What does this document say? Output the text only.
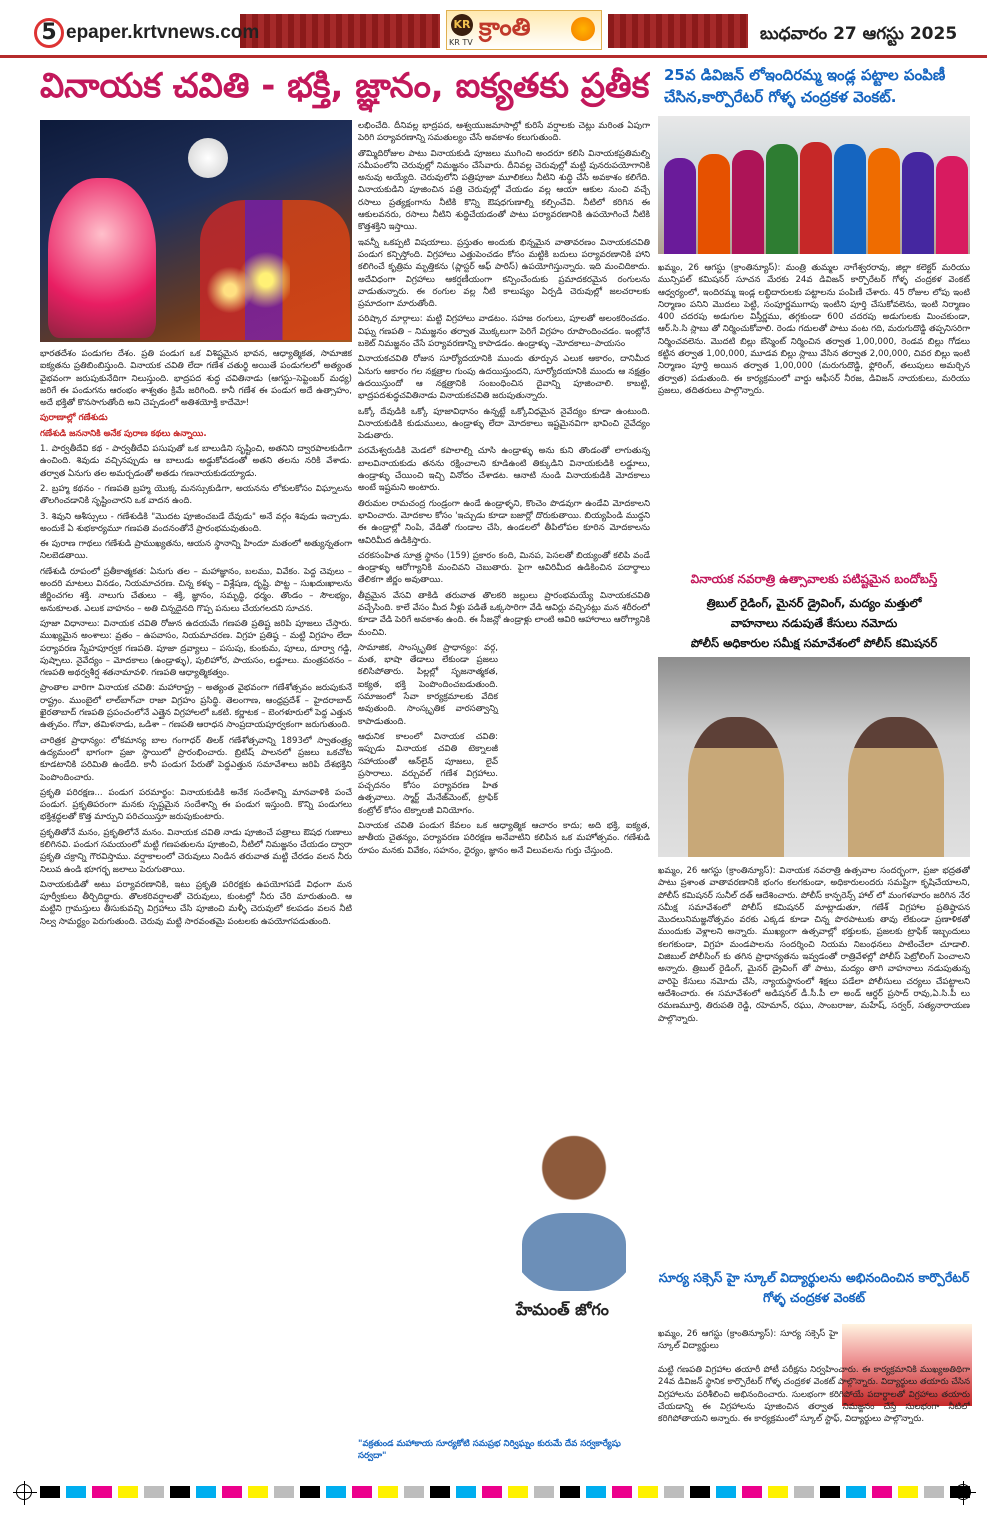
5 epaper.krtvnews.com	KR
KR TV
క్రాంతి	బుధవారం 27 ఆగస్టు 2025
వినాయక చవితి - భక్తి, జ్ఞానం, ఐక్యతకు ప్రతీక 25వ డివిజన్ లోఇందిరమ్మ ఇండ్ల పట్టాల పంపిణీ చేసిన,కార్పొరేటర్ గోళ్ళ చంద్రకళ వెంకట్.

భారతదేశం పండుగల దేశం. ప్రతి పండుగ ఒక విశిష్టమైన భావన, ఆధ్యాత్మికత, సామాజిక ఐక్యతను ప్రతిబింబిస్తుంది. వినాయక చవితి లేదా గణేశ చతుర్థి అయితే పండుగలలో అత్యంత వైభవంగా జరుపుకునేదిగా నిలుస్తుంది. భాద్రపద శుద్ధ చవితినాడు (ఆగస్టు–సెప్టెంబర్ మధ్య) జరిగే ఈ పండుగను ఆరంభం శాశ్వతం క్రిమే జరిగింది. కానీ గణేశ ఈ పండుగ అదే ఉత్సాహం, అదే భక్తితో కొనసాగుతోంది అని చెప్పడంలో అతిశయోక్తి కాదేమో!

పురాణాల్లో గణేశుడు

గణేశుడి జననానికి అనేక పురాణ కథలు ఉన్నాయి.

1. పార్వతీదేవి కథ - పార్వతీదేవి పసుపుతో ఒక బాలుడిని సృష్టించి, అతనిని ద్వారపాలకుడిగా ఉంచింది. శివుడు వచ్చినప్పుడు ఆ బాలుడు అడ్డుకోవడంతో అతని తలను నరికి వేశాడు. తర్వాత ఏనుగు తల అమర్చడంతో అతడు గణనాయకుడయ్యాడు.

2. బ్రహ్మ కథనం - గణపతి బ్రహ్మ యొక్క మనస్సుకుడిగా, అయనను లోకులకోసం విఘ్నాలను తొలగించడానికి సృష్టించారని ఒక వాదన ఉంది.

3. శివుని ఆశీస్సులు - గణేశుడికి "మొదట పూజించబడే దేవుడు" అనే వర్గం శివుడు ఇచ్చాడు. అందుకే ఏ శుభకార్యమూ గణపతి వందనంతోనే ప్రారంభమవుతుంది.

ఈ పురాణ గాథలు గణేశుడి ప్రాముఖ్యతను, ఆయన స్థానాన్ని హిందూ మతంలో అత్యున్నతంగా నిలబెడతాయి.

గణేశుడి రూపంలో ప్రతీకాత్మకత: ఏనుగు తల – మహాజ్ఞానం, బలము, వివేకం. పెద్ద చెవులు – అందరి మాటలు వినడం, నియమాచరణ. చిన్న కళ్ళు – విశ్లేషణ, దృష్టి. పొట్ట – సుఖదుఃఖాలను జీర్ణించగల శక్తి. నాలుగు చేతులు – శక్తి, జ్ఞానం, సమృద్ధి, ధర్మం. తొండం – సౌలభ్యం, అనుకూలత. ఎలుక వాహనం – అతి చిన్నదైనది గొప్ప పనులు చేయగలదని సూచన.

పూజా విధానాలు: వినాయక చవితి రోజున ఉదయమే గణపతి ప్రతిష్ట జరిపి పూజలు చేస్తారు. ముఖ్యమైన అంశాలు: వ్రతం – ఉపవాసం, నియమాచరణ. విగ్రహ ప్రతిష్ఠ – మట్టి విగ్రహం లేదా పర్యావరణ స్నేహపూర్వక గణపతి. పూజా ద్రవ్యాలు – పసుపు, కుంకుమ, పూలు, దూర్వా గడ్డి, పుష్పాలు. నైవేద్యం – మోదకాలు (ఉండ్రాళ్ళు), పులిహోర, పాయసం, లడ్డూలు. మంత్రపఠనం – గణపతి అథర్వశీర్ష శతనామావళి. గణపతి ఆధ్యాత్మికత్వం.

ప్రాంతాల వారిగా వినాయక చవితి: మహారాష్ట్ర – అత్యంత వైభవంగా గణేశోత్సవం జరుపుకునే రాష్ట్రం. ముంబైలో లాల్‌బాగ్‌చా రాజా విగ్రహం ప్రసిద్ధి. తెలంగాణ, ఆంధ్రప్రదేశ్ – హైదరాబాద్ ఖైరతాబాద్ గణపతి ప్రపంచంలోనే ఎత్తైన విగ్రహాలలో ఒకటి. కర్ణాటక – బెంగళూరులో పెద్ద ఎత్తున ఉత్సవం. గోవా, తమిళనాడు, ఒడిశా – గణపతి ఆరాధన సాంప్రదాయపూర్వకంగా జరుగుతుంది.

చారిత్రక ప్రాధాన్యం: లోకమాన్య బాల గంగాధర్ తిలక్ గణేశోత్సవాన్ని 1893లో స్వాతంత్ర్య ఉద్యమంలో భాగంగా ప్రజా స్థాయిలో ప్రారంభించారు. బ్రిటిష్ పాలనలో ప్రజలు ఒకచోట కూడటానికి పరిమితి ఉండేది. కానీ పండుగ పేరుతో పెద్దఎత్తున సమావేశాలు జరిపి దేశభక్తిని పెంపొందించారు.

ప్రకృతి పరిరక్షణ... పండుగ పరమార్థం: వినాయకుడికి అనేక సందేశాన్ని మానవాళికి పంచే పండుగ. ప్రకృతిపరంగా మనకు స్పష్టమైన సందేశాన్ని ఈ పండుగ ఇస్తుంది. కొన్ని పండుగలు భక్తిశ్రద్ధలతో కొత్త మార్పుని పరిచయిస్తూ జరుపుకుంటారు.

ప్రకృతితోనే మనం, ప్రకృతిలోనే మనం. వినాయక చవితి నాడు పూజించే పత్రాలు ఔషధ గుణాలు కలిగినవి. పండుగ సమయంలో మట్టి గణపతులను పూజించి, నీటిలో నిమజ్జనం చేయడం ద్వారా ప్రకృతి చక్రాన్ని గౌరవిస్తాము. వర్షాకాలంలో చెరువులు నిండిన తరువాత మట్టి చేరడం వలన నీరు నిలువ ఉండి భూగర్భ జలాలు పెరుగుతాయి.

వినాయకుడితో అటు పర్యావరణానికి, ఇటు ప్రకృతి పరిరక్షకు ఉపయోగపడే విధంగా మన పూర్వీకులు తీర్చిదిద్దారు. తొలకరివర్షాలతో చెరువులు, కుంటల్లో నీరు చేరి మారుతుంది. ఆ మట్టిని గ్రామస్తులు తీసుకువచ్చి విగ్రహాలు చేసి పూజించి మళ్ళీ చెరువులో కలపడం వలన నీటి నిల్వ సామర్థ్యం పెరుగుతుంది. చెరువు మట్టి సారవంతమై పంటలకు ఉపయోగపడుతుంది.

లభించేది. దీనివల్ల భాద్రపద, ఆశ్వయుజమాసాల్లో కురిసే వర్షాలకు చెట్లు మరింత ఏపుగా పెరిగి పర్యావరణాన్ని సమతుల్యం చేసే అవకాశం కలుగుతుంది.

తొమ్మిదిరోజుల పాటు వినాయకుడి పూజలు ముగించి అందరూ కలిసి వినాయకప్రతిమల్ని సమీపంలోని చెరువుల్లో నిమజ్జనం చేసేవారు. దీనివల్ల చెరువుల్లో మట్టి పునరుపయోగానికి అనువు అయ్యేది. చెరువులోని పత్రిపూజా మూలికలు నీటిని శుద్ధి చేసే అవకాశం కలిగేది. వినాయకుడిని పూజించిన పత్రి చెరువుల్లో వేయడం వల్ల ఆయా ఆకుల నుంచి వచ్చే రసాలు ప్రత్యక్షంగాను నీటికి కొన్ని ఔషధగుణాల్ని కల్పించేవి. నీటిలో కరిగిన ఈ ఆకులవనరు, రసాలు నీటిని శుద్ధిచేయడంతో పాటు పర్యావరణానికి ఉపయోగించే నీటికి కొత్తశక్తిని ఇస్తాయి.

ఇవన్నీ ఒకప్పటి విషయాలు. ప్రస్తుతం అందుకు భిన్నమైన వాతావరణం వినాయకచవితి పండుగ కన్పిస్తోంది. విగ్రహాలు ఎత్తుపెంచడం కోసం మట్టికి బదులు పర్యావరణానికి హాని కలిగించే కృత్రిమ మృత్తికను (ప్లాస్టర్ ఆఫ్ పారిస్) ఉపయోగిస్తున్నారు. ఇది మంచిదికాదు. అదేవిధంగా విగ్రహాలు ఆకర్షణీయంగా కన్పించేందుకు ప్రమాదకరమైన రంగులను వాడుతున్నారు. ఈ రంగుల వల్ల నీటి కాలుష్యం ఏర్పడి చెరువుల్లో జలచరాలకు ప్రమాదంగా మారుతోంది.

పరిష్కార మార్గాలు: మట్టి విగ్రహాలు వాడటం. సహజ రంగులు, పూలతో అలంకరించడం. విఘ్న గణపతి – నిమజ్జనం తర్వాత మొక్కలుగా పెరిగే విగ్రహం రూపొందించడం. ఇంట్లోనే బకెట్ నిమజ్జనం చేసే పర్యావరణాన్ని కాపాడడం. ఉండ్రాళ్ళు –మోదకాలు–పాయసం

వినాయకచవితి రోజున సూర్యోదయానికి ముందు తూర్పున ఎలుక ఆకారం, దానిమీద ఏనుగు ఆకారం గల నక్షత్రాల గుంపు ఉదయిస్తుందని, సూర్యోదయానికి ముందు ఆ నక్షత్రం ఉదయిస్తుందో ఆ నక్షత్రానికి సంబంధించిన దైవాన్ని పూజించాలి. కాబట్టి, భాద్రపదశుద్ధచవితినాడు వినాయకచవితి జరుపుతున్నారు.

ఒక్కో దేవుడికి ఒక్కో పూజావిధానం ఉన్నట్టే ఒక్కోవిధమైన నైవేద్యం కూడా ఉంటుంది. వినాయకుడికి కుడుములు, ఉండ్రాళ్ళు లేదా మోదకాలు ఇష్టమైనవిగా భావించి నైవేద్యం పెడుతారు.

పరమేశ్వరుడికి మెడలో కపాలాల్ని చూసి ఉండ్రాళ్ళు అను కుని తొండంతో లాగుతున్న బాలవినాయకుడు తనను రక్షించాలని కూడిఉంటి తిక్కుడిని వినాయకుడికి లడ్డూలు, ఉండ్రాళ్ళు చేయించి ఇచ్చి వినోదం చేశాడట. ఆనాటి నుండి వినాయకుడికి మోదకాలు అంటే ఇష్టమని అంటారు.

తిరుమల రామచంద్ర గుండ్రంగా ఉండే ఉండ్రాళ్ళని, కొంచెం పొడవుగా ఉండేవి మోదకాలని భావించారు. మోదకాల కోసం 'ఇచ్చుడు కూడా బజార్లో దొరుకుతాయి. బియ్యపిండి ముద్దని ఈ ఉండ్రాల్లో నింపి, వేడితో గుండాల చేసి, ఉండలలో తీపిలోపల కూరిన మోదకాలను ఆవిరిమీద ఉడికిస్తారు.

చరకసంహిత సూత్ర స్థానం (159) ప్రకారం కంది, మినప, పెసలతో బియ్యంతో కలిపి వండే ఉండ్రాళ్ళు ఆరోగ్యానికి మంచివని చెబుతారు. పైగా ఆవిరిమీద ఉడికించిన పదార్థాలు తేలికగా జీర్ణం అవుతాయి.

తీవ్రమైన వేసవి తాకిడి తరువాత తొలకరి జల్లులు ప్రారంభమయ్యే వినాయకచవితి వచ్చేసింది. కాలే వేసం మీద నీళ్లు పడితే ఒక్కసారిగా వేడి ఆవిర్లు వచ్చినట్లు మన శరీరంలో కూడా వేడి పెరిగే అవకాశం ఉంది. ఈ సీజన్లో ఉండ్రాళ్లు లాంటి ఆవిరి ఆహారాలు ఆరోగ్యానికి మంచివి.

సామాజిక, సాంస్కృతిక ప్రాధాన్యం: వర్గ, మత, భాషా తేడాలు లేకుండా ప్రజలు కలిసిపోతారు. పిల్లల్లో సృజనాత్మకత, ఐక్యత, భక్తి పెంపొందించబడుతుంది. సమాజంలో సేవా కార్యక్రమాలకు వేదిక అవుతుంది. సాంస్కృతిక వారసత్వాన్ని కాపాడుతుంది.

ఆధునిక కాలంలో వినాయక చవితి: ఇప్పుడు వినాయక చవితి టెక్నాలజీ సహాయంతో ఆన్‌లైన్ పూజలు, లైవ్ ప్రసారాలు. వర్చువల్ గణేశ విగ్రహాలు. పచ్చదనం కోసం పర్యావరణ హిత ఉత్సవాలు. స్మార్ట్ మేనేజ్‌మెంట్, ట్రాఫిక్ కంట్రోల్ కోసం టెక్నాలజీ వినియోగం.

వినాయక చవితి పండుగ కేవలం ఒక ఆధ్యాత్మిక ఆచారం కాదు; అది భక్తి, ఐక్యత, జాతీయ చైతన్యం, పర్యావరణ పరిరక్షణ అనేవాటిని కలిపిన ఒక మహోత్సవం. గణేశుడి రూపం మనకు వివేకం, సహనం, ధైర్యం, జ్ఞానం అనే విలువలను గుర్తు చేస్తుంది.

హేమంత్ జోగం
"వక్రతుండ మహాకాయ సూర్యకోటి సమప్రభ నిర్విఘ్నం కురుమే దేవ సర్వకార్యేషు సర్వదా"
ఖమ్మం, 26 ఆగస్టు (క్రాంతిన్యూస్): మంత్రి తుమ్మల నాగేశ్వరరావు, జిల్లా కలెక్టర్ మరియు మున్సిపల్ కమిషనర్ సూచన మేరకు 24వ డివిజన్ కార్పొరేటర్ గోళ్ళ చంద్రకళ వెంకట్ ఆధ్వర్యంలో, ఇందిరమ్మ ఇండ్ల లబ్ధిదారులకు పట్టాలను పంపిణీ చేశారు. 45 రోజుల లోపు ఇంటి నిర్మాణం పనిని మొదలు పెట్టి, సంపూర్ణముగాపు ఇంటిని పూర్తి చేసుకోవలెను, ఇంటి నిర్మాణం 400 చదరపు అడుగుల విస్తీర్ణము, తగ్గకుండా 600 చదరపు అడుగులకు మించకుండా, ఆర్.సి.సి స్లాబు తో నిర్మించుకోవాలి. రెండు గదులతో పాటు వంట గది, మరుగుదొడ్డి తప్పనిసరిగా నిర్మించవలెను. మొదటి బిల్లు బేస్మెంట్ నిర్మించిన తర్వాత 1,00,000, రెండవ బిల్లు గోడలు కట్టిన తర్వాత 1,00,000, మూడవ బిల్లు స్లాబు వేసిన తర్వాత 2,00,000, చివర బిల్లు ఇంటి నిర్మాణం పూర్తి అయిన తర్వాత 1,00,000 (మరుగుదొడ్డి, ఫ్లోరింగ్, తలుపులు అమర్చిన తర్వాత) పడుతుంది. ఈ కార్యక్రమంలో వార్డు ఆఫీసర్ నీరజ, డివిజన్ నాయకులు, మరియు ప్రజలు, తదితరులు పాల్గొన్నారు.
వినాయక నవరాత్రి ఉత్సావాలకు పటిష్టమైన బందోబస్త్
త్రిబుల్ రైడింగ్, మైనర్ డ్రైవింగ్, మద్యం మత్తులో
వాహనాలు నడుపుతే కేసులు నమోదు
పోలీస్ అధికారుల సమీక్ష సమావేశంలో పోలీస్ కమిషనర్
ఖమ్మం, 26 ఆగస్టు (క్రాంతిన్యూస్): వినాయక నవరాత్రి ఉత్సవాల సందర్భంగా, ప్రజా భద్రతతో పాటు ప్రశాంత వాతావరణానికి భంగం కలగకుండా, అధికారులందరు సమష్టిగా కృషిచేయాలని, పోలీస్ కమిషనర్ సునీల్ దత్ ఆదేశించారు. పోలీస్ కాన్ఫరెన్స్ హాల్ లో మంగళవారం జరిగిన నేర సమీక్ష సమావేశంలో పోలీస్ కమిషనర్ మాట్లాడుతూ, గణేశ్ విగ్రహాల ప్రతిష్ఠాపన మొదలునిమజ్జనోత్సవం వరకు ఎక్కడ కూడా చిన్న పొరపాటుకు తావు లేకుండా ప్రణాళికతో ముందుకు వెళ్లాలని అన్నారు. ముఖ్యంగా ఉత్సవాల్లో భక్తులకు, ప్రజలకు ట్రాఫిక్ ఇబ్బందులు కలగకుండా, విగ్రహ మండపాలను సందర్శించి నియమ నిబంధనలు పాటించేలా చూడాలి. విజిబుల్ పోలీసింగ్ కు తగిన ప్రాధాన్యతను ఇవ్వడంతో రాత్రివేళల్లో పోలీస్ పెట్రోలింగ్ పెంచాలని అన్నారు. త్రిబుల్ రైడింగ్, మైనర్ డ్రైవింగ్ తో పాటు, మద్యం తాగి వాహనాలు నడుపుతున్న వారిపై కేసులు నమోదు చేసి, న్యాయస్థానంలో శిక్షలు పడేలా పోలీసులు చర్యలు చేపట్టాలని ఆదేశించారు. ఈ సమావేశంలో అడిషనల్ డీ.సీ.పీ లా అండ్ ఆర్డర్ ప్రసాద్ రావు,ఏ.సి.పీ లు రమణమూర్తి, తిరుపతి రెడ్డి, రహెమాన్, రఘు, సాంబరాజు, మహేష్, సర్వర్, సత్యనారాయణ పాల్గొన్నారు.
సూర్య సక్సెస్ హై స్కూల్ విద్యార్థులను అభినందించిన కార్పొరేటర్ గోళ్ళ చంద్రకళ వెంకట్
ఖమ్మం, 26 ఆగస్టు (క్రాంతిన్యూస్): సూర్య సక్సెస్ హై స్కూల్ విద్యార్థులు
మట్టి గణపతి విగ్రహాల తయారీ పోటీ పరీక్షను నిర్వహించారు. ఈ కార్యక్రమానికి ముఖ్యఅతిథిగా 24వ డివిజన్ స్థానిక కార్పొరేటర్ గోళ్ళ చంద్రకళ వెంకట్ పాల్గొన్నారు. విద్యార్థులు తయారు చేసిన విగ్రహాలను పరిశీలించి అభినందించారు. సులభంగా కరిగిపోయే పదార్థాలతో విగ్రహాలు తయారు చేయడాన్ని ఈ విగ్రహాలను పూజించిన తర్వాత నిమజ్జనం చేస్తే సులభంగా నీటిలో కరిగిపోతాయని అన్నారు. ఈ కార్యక్రమంలో స్కూల్ స్టాఫ్, విద్యార్థులు పాల్గొన్నారు.
